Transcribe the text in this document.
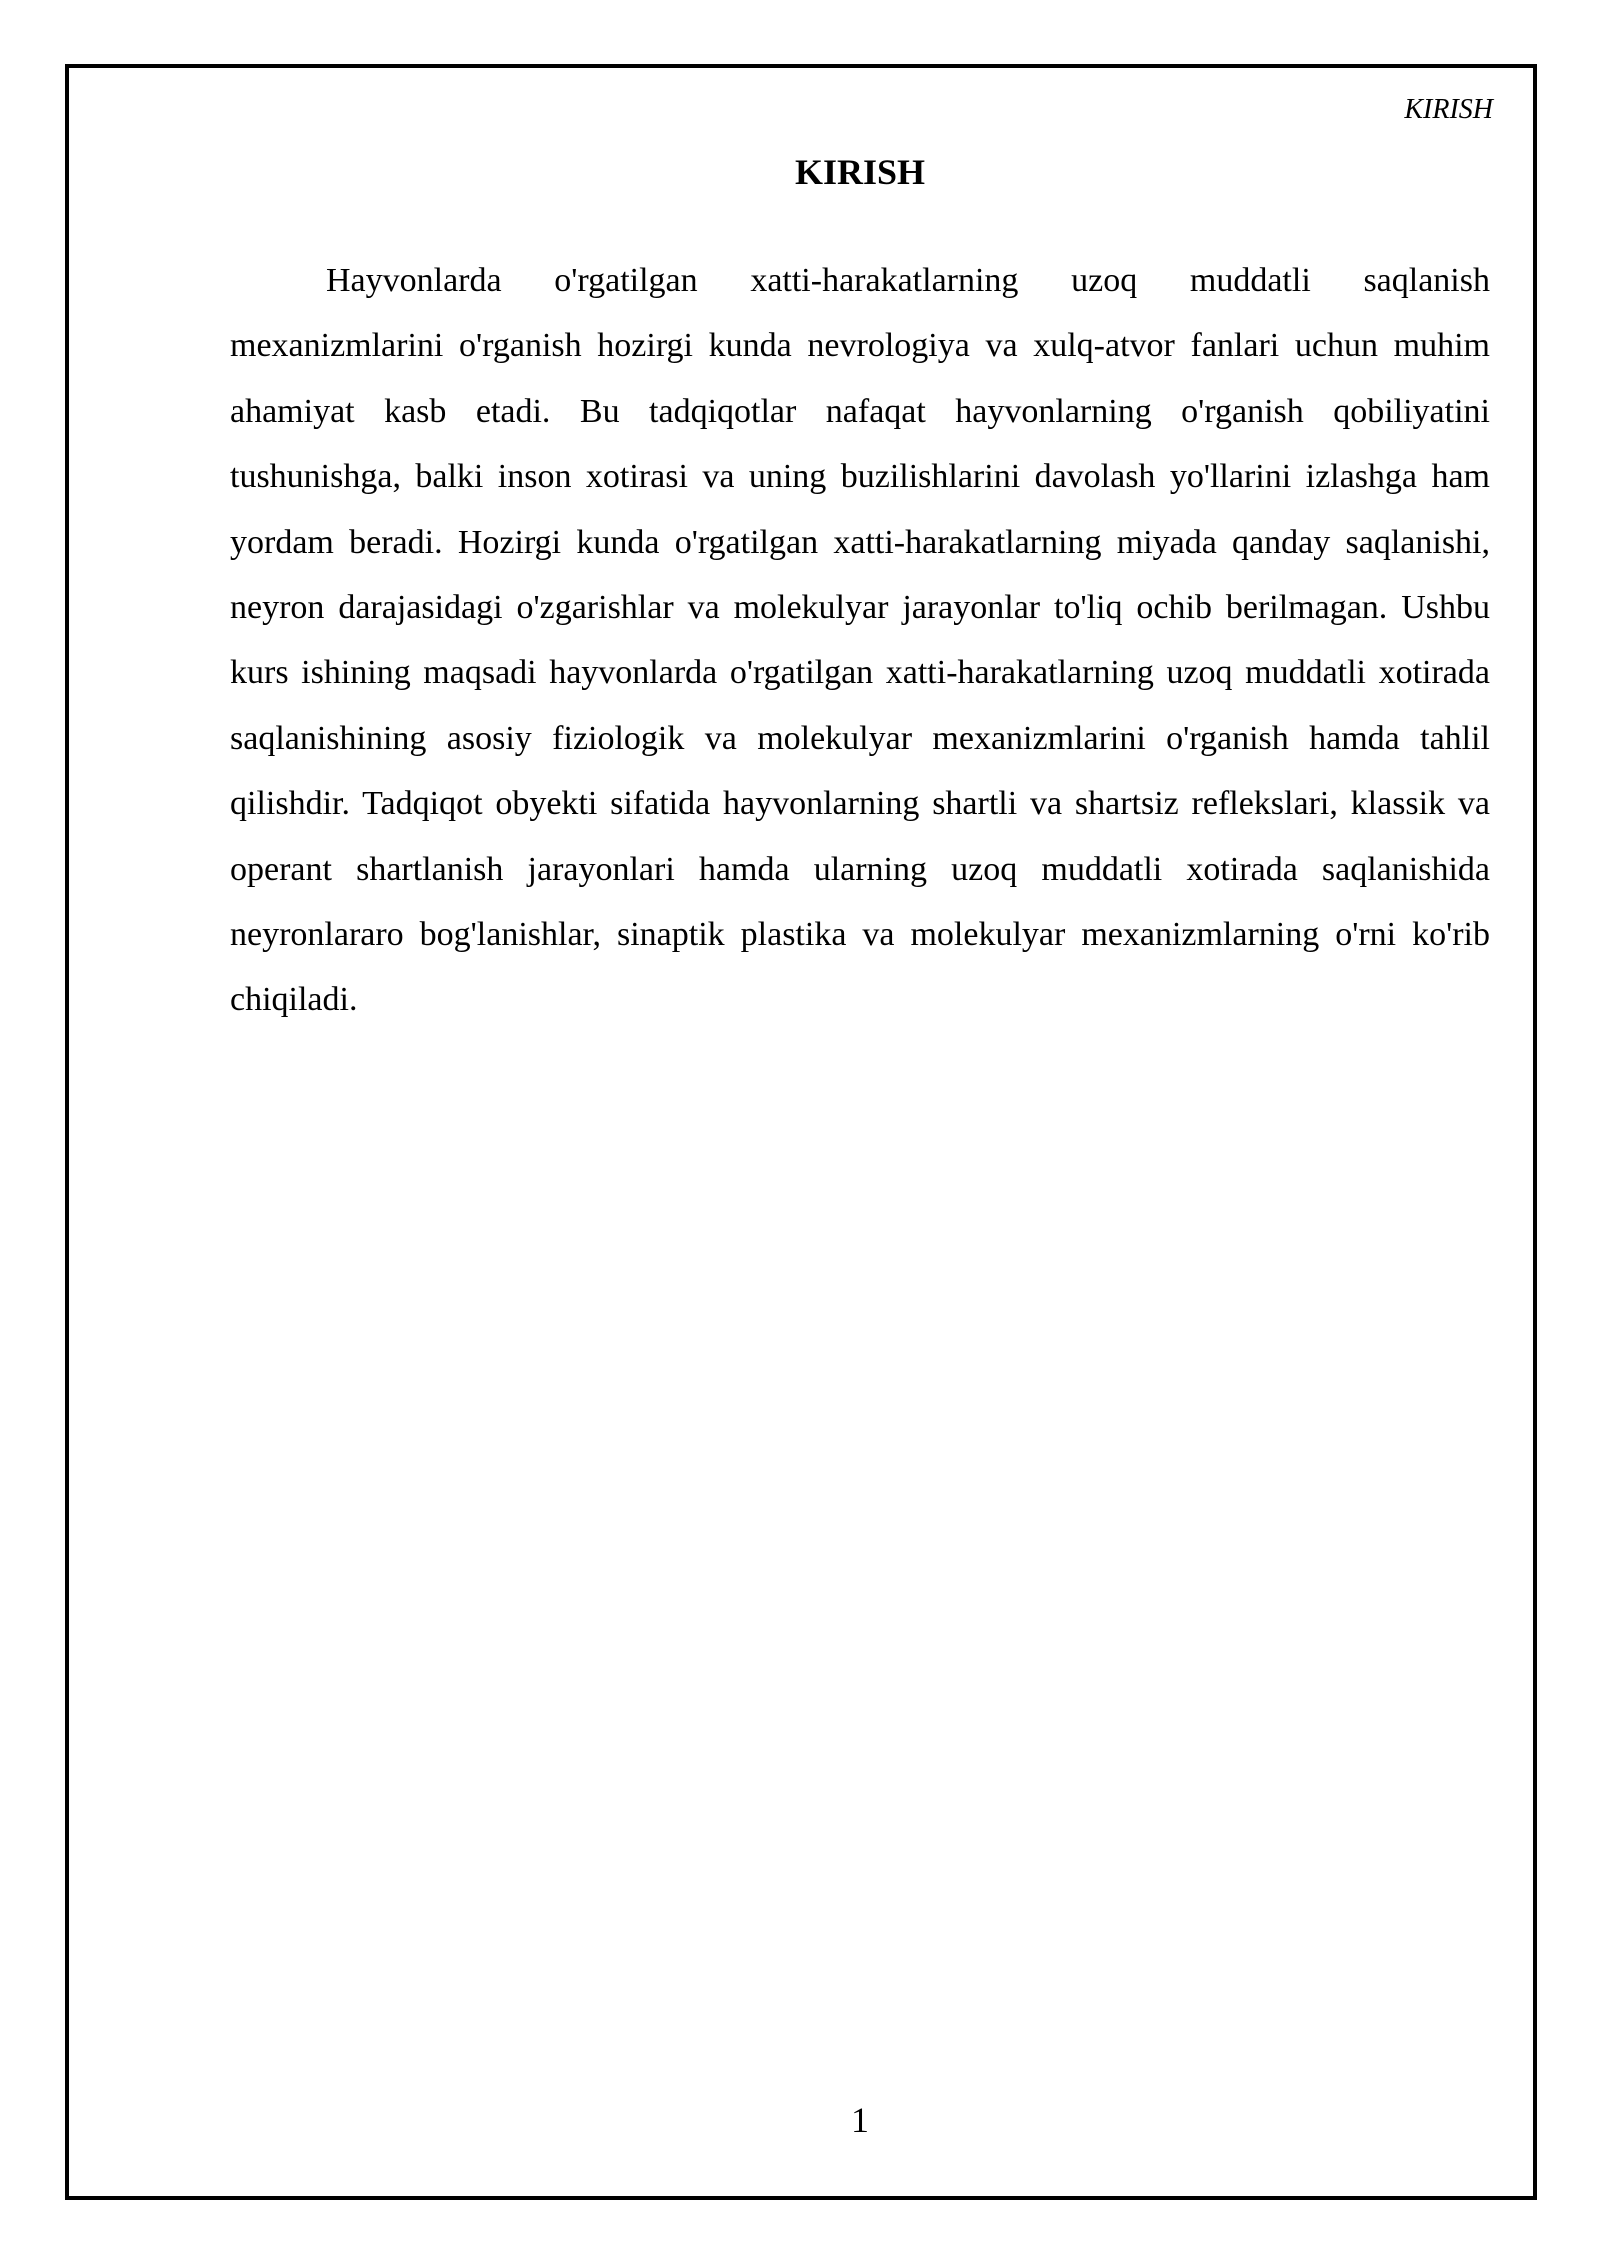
KIRISH
KIRISH

Hayvonlarda o'rgatilgan xatti-harakatlarning uzoq muddatli saqlanish mexanizmlarini o'rganish hozirgi kunda nevrologiya va xulq-atvor fanlari uchun muhim ahamiyat kasb etadi. Bu tadqiqotlar nafaqat hayvonlarning o'rganish qobiliyatini tushunishga, balki inson xotirasi va uning buzilishlarini davolash yo'llarini izlashga ham yordam beradi. Hozirgi kunda o'rgatilgan xatti-harakatlarning miyada qanday saqlanishi, neyron darajasidagi o'zgarishlar va molekulyar jarayonlar to'liq ochib berilmagan. Ushbu kurs ishining maqsadi hayvonlarda o'rgatilgan xatti-harakatlarning uzoq muddatli xotirada saqlanishining asosiy fiziologik va molekulyar mexanizmlarini o'rganish hamda tahlil qilishdir. Tadqiqot obyekti sifatida hayvonlarning shartli va shartsiz reflekslari, klassik va operant shartlanish jarayonlari hamda ularning uzoq muddatli xotirada saqlanishida neyronlararo bog'lanishlar, sinaptik plastika va molekulyar mexanizmlarning o'rni ko'rib chiqiladi.

1
